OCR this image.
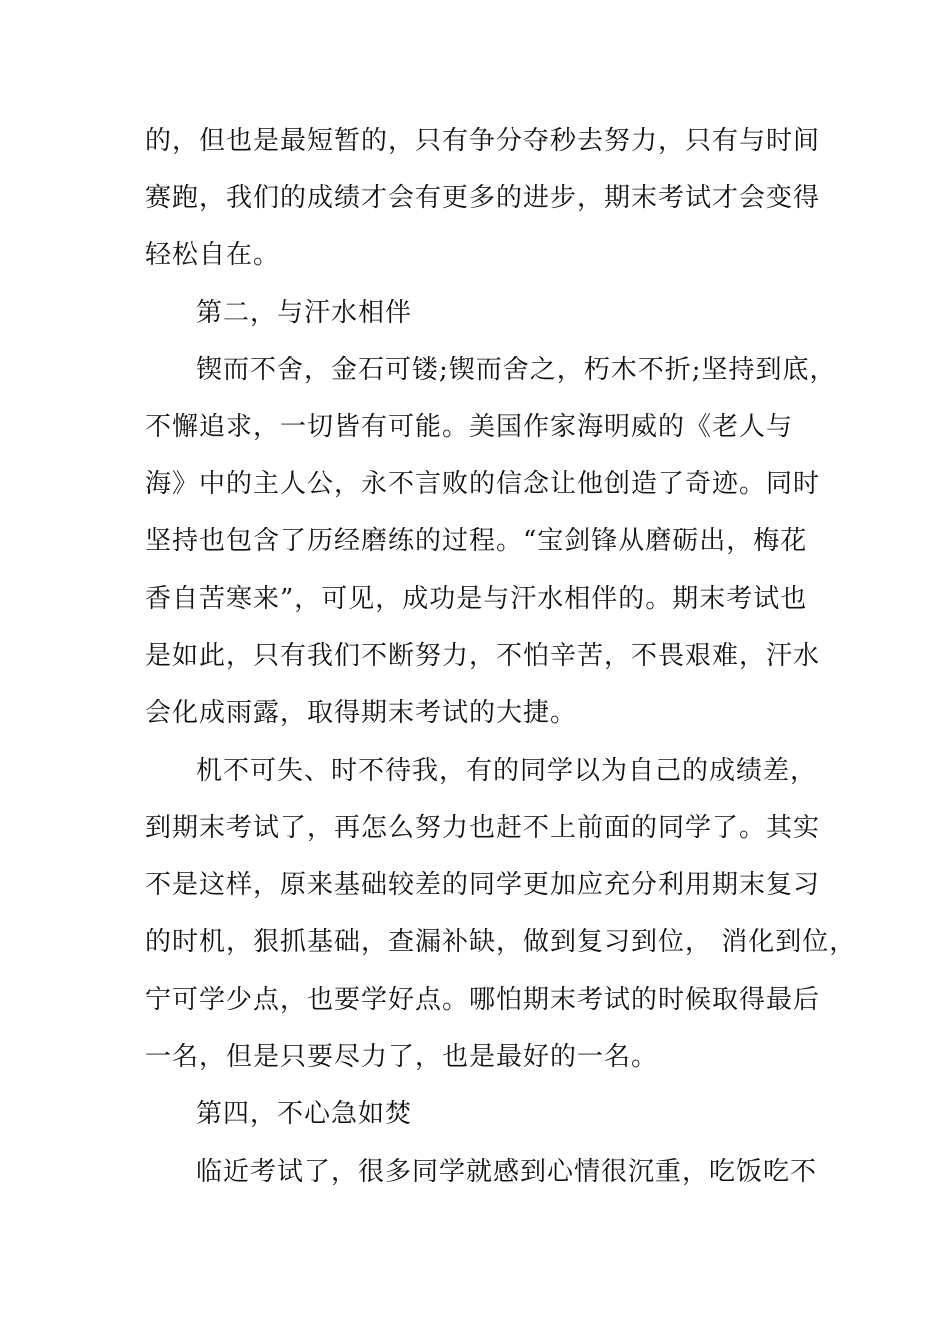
的，但也是最短暂的，只有争分夺秒去努力，只有与时间
赛跑，我们的成绩才会有更多的进步，期末考试才会变得
轻松自在。
第二，与汗水相伴
锲而不舍，金石可镂;锲而舍之，朽木不折;坚持到底，
不懈追求，一切皆有可能。美国作家海明威的《老人与
海》中的主人公，永不言败的信念让他创造了奇迹。同时
坚持也包含了历经磨练的过程。“宝剑锋从磨砺出，梅花
香自苦寒来”，可见，成功是与汗水相伴的。期末考试也
是如此，只有我们不断努力，不怕辛苦，不畏艰难，汗水
会化成雨露，取得期末考试的大捷。
机不可失、时不待我，有的同学以为自己的成绩差，
到期末考试了，再怎么努力也赶不上前面的同学了。其实
不是这样，原来基础较差的同学更加应充分利用期末复习
的时机，狠抓基础，查漏补缺，做到复习到位， 消化到位，
宁可学少点，也要学好点。哪怕期末考试的时候取得最后
一名，但是只要尽力了，也是最好的一名。
第四，不心急如焚
临近考试了，很多同学就感到心情很沉重，吃饭吃不
